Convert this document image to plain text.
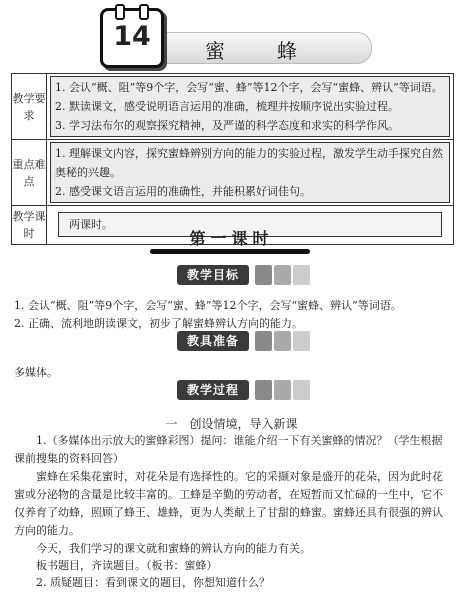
蜜蜂
14
教学要求	1. 会认“概、阻”等9个字，会写“蜜、蜂”等12个字，会写“蜜蜂、辨认”等词语。
2. 默读课文，感受说明语言运用的准确，梳理并按顺序说出实验过程。
3. 学习法布尔的观察探究精神，及严谨的科学态度和求实的科学作风。

重点难点	1. 理解课文内容，探究蜜蜂辨别方向的能力的实验过程，激发学生动手探究自然奥秘的兴趣。
2. 感受课文语言运用的准确性，并能积累好词佳句。

教学课时	两课时。
第一课时
教学目标
1. 会认“概、阻”等9个字，会写“蜜、蜂”等12个字，会写“蜜蜂、辨认”等词语。
2. 正确、流利地朗读课文，初步了解蜜蜂辨认方向的能力。
教具准备
多媒体。
教学过程
一　创设情境，导入新课
1.（多媒体出示放大的蜜蜂彩图）提问：谁能介绍一下有关蜜蜂的情况？（学生根据课前搜集的资料回答）
蜜蜂在采集花蜜时，对花朵是有选择性的。它的采撷对象是盛开的花朵，因为此时花蜜或分泌物的含量是比较丰富的。工蜂是辛勤的劳动者，在短暂而又忙碌的一生中，它不仅养育了幼蜂，照顾了蜂王、雄蜂，更为人类献上了甘甜的蜂蜜。蜜蜂还具有很强的辨认方向的能力。
今天，我们学习的课文就和蜜蜂的辨认方向的能力有关。
板书题目，齐读题目。（板书：蜜蜂）
2. 质疑题目：看到课文的题目，你想知道什么？
